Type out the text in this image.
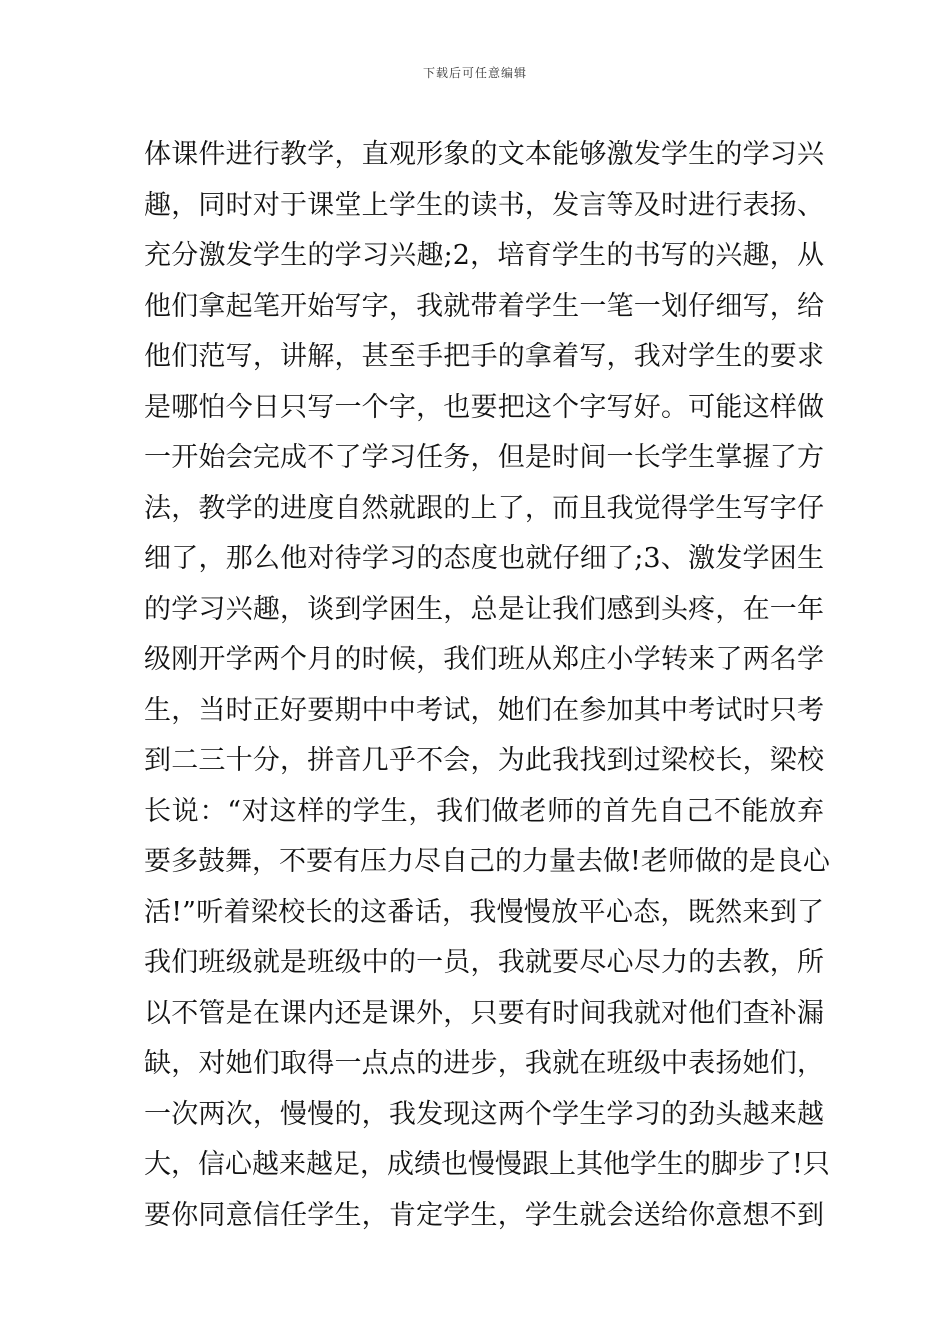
下载后可任意编辑
体课件进行教学，直观形象的文本能够激发学生的学习兴
趣，同时对于课堂上学生的读书，发言等及时进行表扬、
充分激发学生的学习兴趣;2，培育学生的书写的兴趣，从
他们拿起笔开始写字，我就带着学生一笔一划仔细写，给
他们范写，讲解，甚至手把手的拿着写，我对学生的要求
是哪怕今日只写一个字，也要把这个字写好。可能这样做
一开始会完成不了学习任务，但是时间一长学生掌握了方
法，教学的进度自然就跟的上了，而且我觉得学生写字仔
细了，那么他对待学习的态度也就仔细了;3、激发学困生
的学习兴趣，谈到学困生，总是让我们感到头疼，在一年
级刚开学两个月的时候，我们班从郑庄小学转来了两名学
生，当时正好要期中中考试，她们在参加其中考试时只考
到二三十分，拼音几乎不会，为此我找到过梁校长，梁校
长说：“对这样的学生，我们做老师的首先自己不能放弃
要多鼓舞，不要有压力尽自己的力量去做!老师做的是良心
活!”听着梁校长的这番话，我慢慢放平心态，既然来到了
我们班级就是班级中的一员，我就要尽心尽力的去教，所
以不管是在课内还是课外，只要有时间我就对他们查补漏
缺，对她们取得一点点的进步，我就在班级中表扬她们，
一次两次，慢慢的，我发现这两个学生学习的劲头越来越
大，信心越来越足，成绩也慢慢跟上其他学生的脚步了!只
要你同意信任学生，肯定学生，学生就会送给你意想不到
